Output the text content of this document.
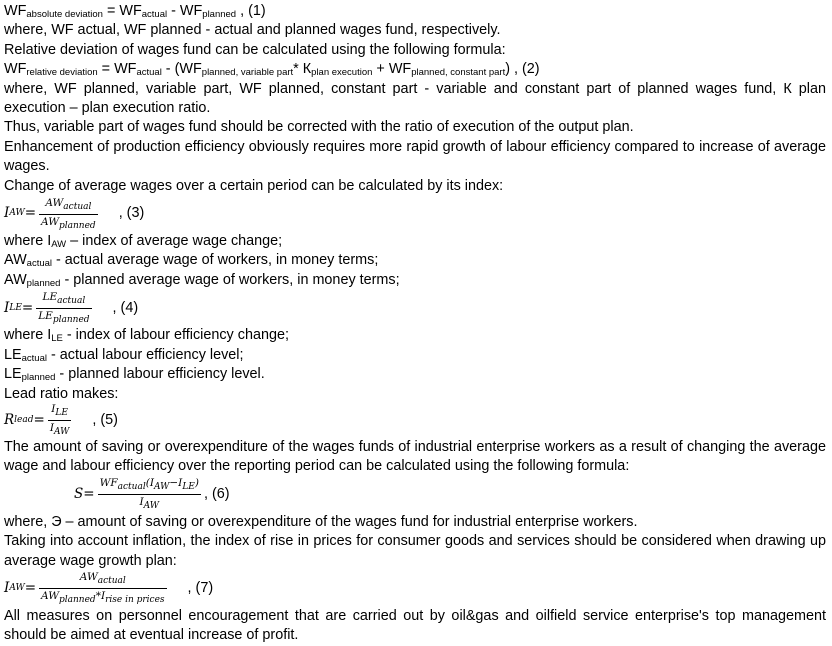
$WF_{absolute deviation} = WF_{actual} - WF_{planned}$ , (1)
where, WF actual, WF planned - actual and planned wages fund, respectively.
Relative deviation of wages fund can be calculated using the following formula:
$WF_{relative deviation} = WF_{actual} - (WF_{planned, variable part}*$ $К_{plan execution} + WF_{planned, constant part}$) , (2)
where, WF planned, variable part, WF planned, constant part - variable and constant part of planned wages fund, К plan execution – plan execution ratio.
Thus, variable part of wages fund should be corrected with the ratio of execution of the output plan.
Enhancement of production efficiency obviously requires more rapid growth of labour efficiency compared to increase of average wages.
Change of average wages over a certain period can be calculated by its index:
I AW = $\frac{\text{AWactual}}{\text{AWplanned}}$ , (3)
where $I_{AW}$ – index of average wage change;
$AW_{actual}$ - actual average wage of workers, in money terms;
$AW_{planned}$ - planned average wage of workers, in money terms;
I LE = $\frac{\text{LEactual}}{\text{LEplanned}}$ , (4)
where $I_{LE}$ - index of labour efficiency change;
$LE_{actual}$ - actual labour efficiency level;
$LE_{planned}$ - planned labour efficiency level.
Lead ratio makes:
R lead = $\frac{\text{ILE}}{\text{IAW}}$ , (5)
The amount of saving or overexpenditure of the wages funds of industrial enterprise workers as a result of changing the average wage and labour efficiency over the reporting period can be calculated using the following formula:
$S = \frac{\text{WFactual(IAW−ILE)}}{\text{IAW}}$ , (6)
where, Э – amount of saving or overexpenditure of the wages fund for industrial enterprise workers.
Taking into account inflation, the index of rise in prices for consumer goods and services should be considered when drawing up average wage growth plan:
I AW = $\frac{\text{AWactual}}{\text{AWplanned*Irise in prices}}$ , (7)
All measures on personnel encouragement that are carried out by oil&gas and oilfield service enterprise's top management should be aimed at eventual increase of profit.
